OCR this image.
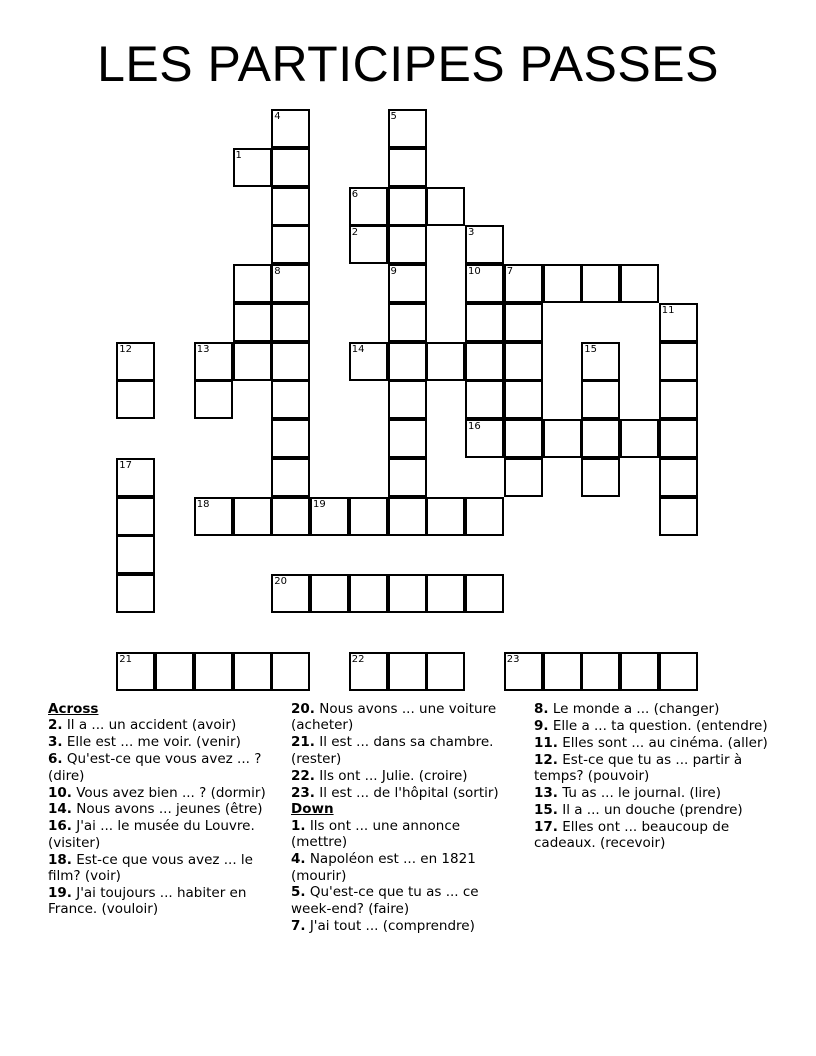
LES PARTICIPES PASSES
1
2	3
10
4	5
6
7
8	9
11
12	13	14	15
16
17
18	19
20
21	22	23
Across
2. Il a ... un accident (avoir)
3. Elle est ... me voir. (venir)
6. Qu'est-ce que vous avez ... ? (dire)
10. Vous avez bien ... ? (dormir)
14. Nous avons ... jeunes (être)
16. J'ai ... le musée du Louvre. (visiter)
18. Est-ce que vous avez ... le film? (voir)
19. J'ai toujours ... habiter en France. (vouloir)
20. Nous avons ... une voiture (acheter)
21. Il est ... dans sa chambre. (rester)
22. Ils ont ... Julie. (croire)
23. Il est ... de l'hôpital (sortir)
Down
1. Ils ont ... une annonce (mettre)
4. Napoléon est ... en 1821 (mourir)
5. Qu'est-ce que tu as ... ce week-end? (faire)
7. J'ai tout ... (comprendre)
8. Le monde a ... (changer)
9. Elle a ... ta question. (entendre)
11. Elles sont ... au cinéma. (aller)
12. Est-ce que tu as ... partir à temps? (pouvoir)
13. Tu as ... le journal. (lire)
15. Il a ... un douche (prendre)
17. Elles ont ... beaucoup de cadeaux. (recevoir)
